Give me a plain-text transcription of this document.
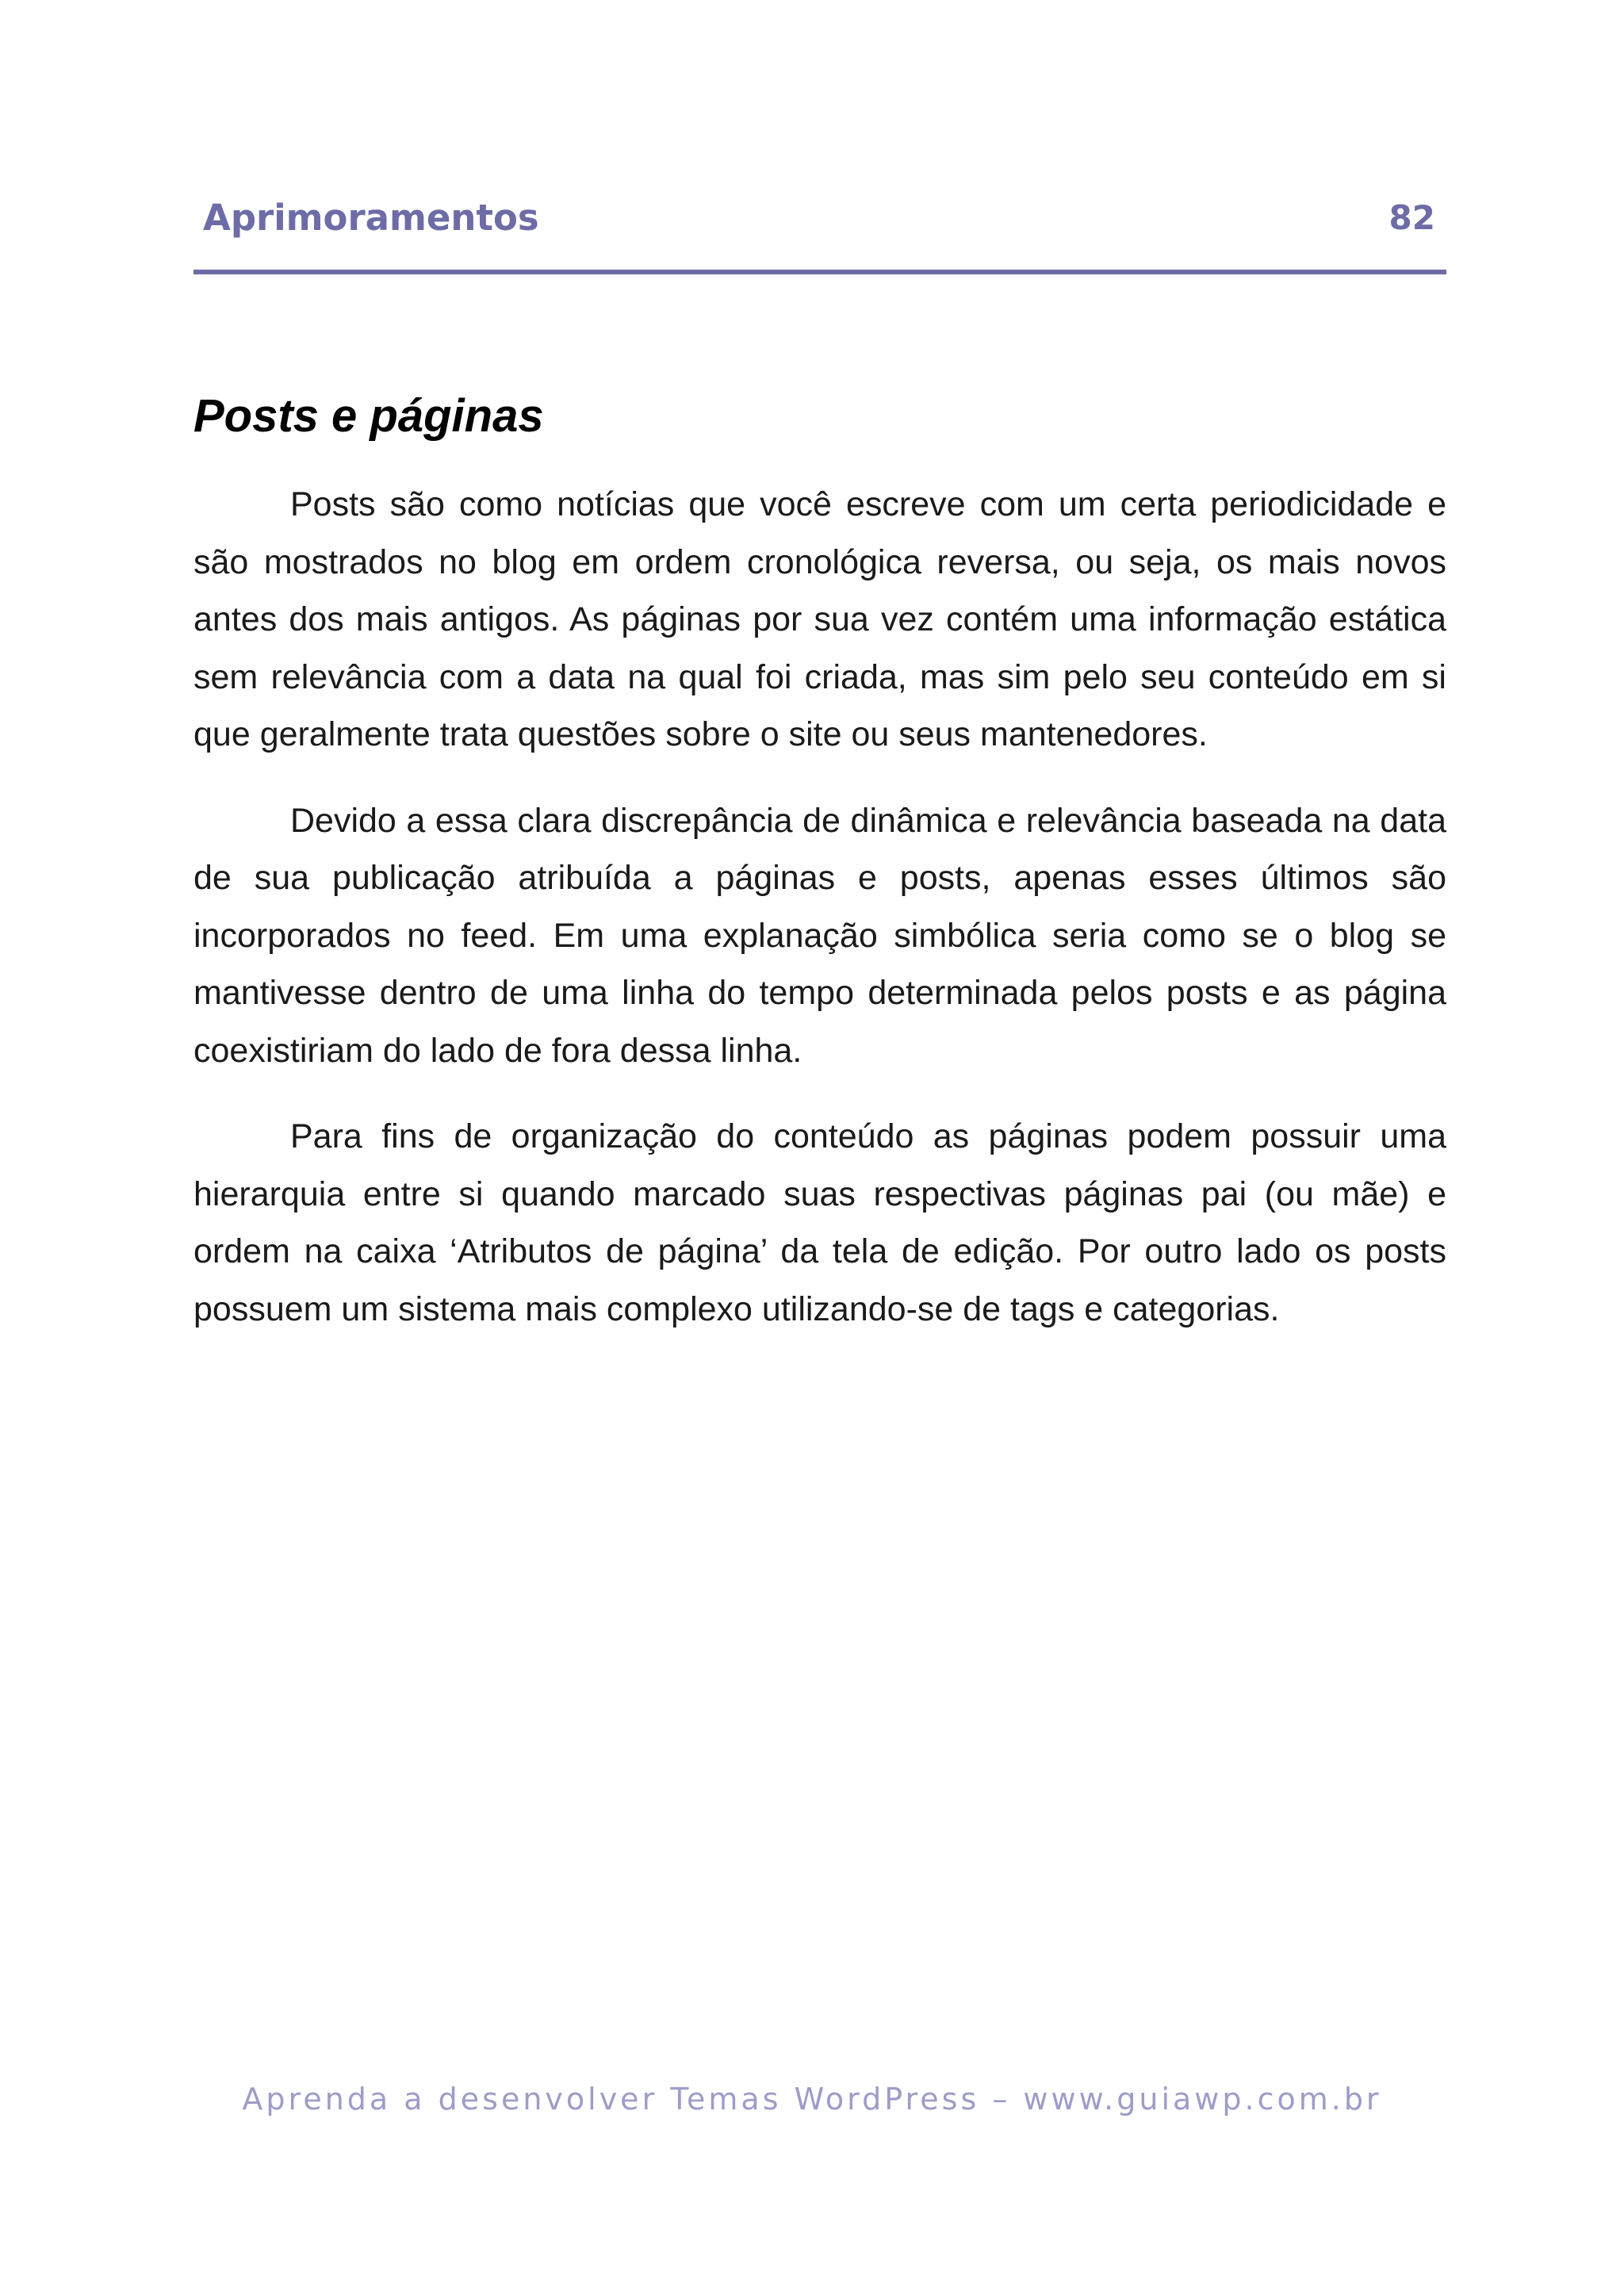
Aprimoramentos	82
Posts e páginas

Posts são como notícias que você escreve com um certa periodicidade e são mostrados no blog em ordem cronológica reversa, ou seja, os mais novos antes dos mais antigos. As páginas por sua vez contém uma informação estática sem relevância com a data na qual foi criada, mas sim pelo seu conteúdo em si que geralmente trata questões sobre o site ou seus mantenedores.

Devido a essa clara discrepância de dinâmica e relevância baseada na data de sua publicação atribuída a páginas e posts, apenas esses últimos são incorporados no feed. Em uma explanação simbólica seria como se o blog se mantivesse dentro de uma linha do tempo determinada pelos posts e as página coexistiriam do lado de fora dessa linha.

Para fins de organização do conteúdo as páginas podem possuir uma hierarquia entre si quando marcado suas respectivas páginas pai (ou mãe) e ordem na caixa ‘Atributos de página’ da tela de edição. Por outro lado os posts possuem um sistema mais complexo utilizando-se de tags e categorias.

Aprenda a desenvolver Temas WordPress – www.guiawp.com.br
